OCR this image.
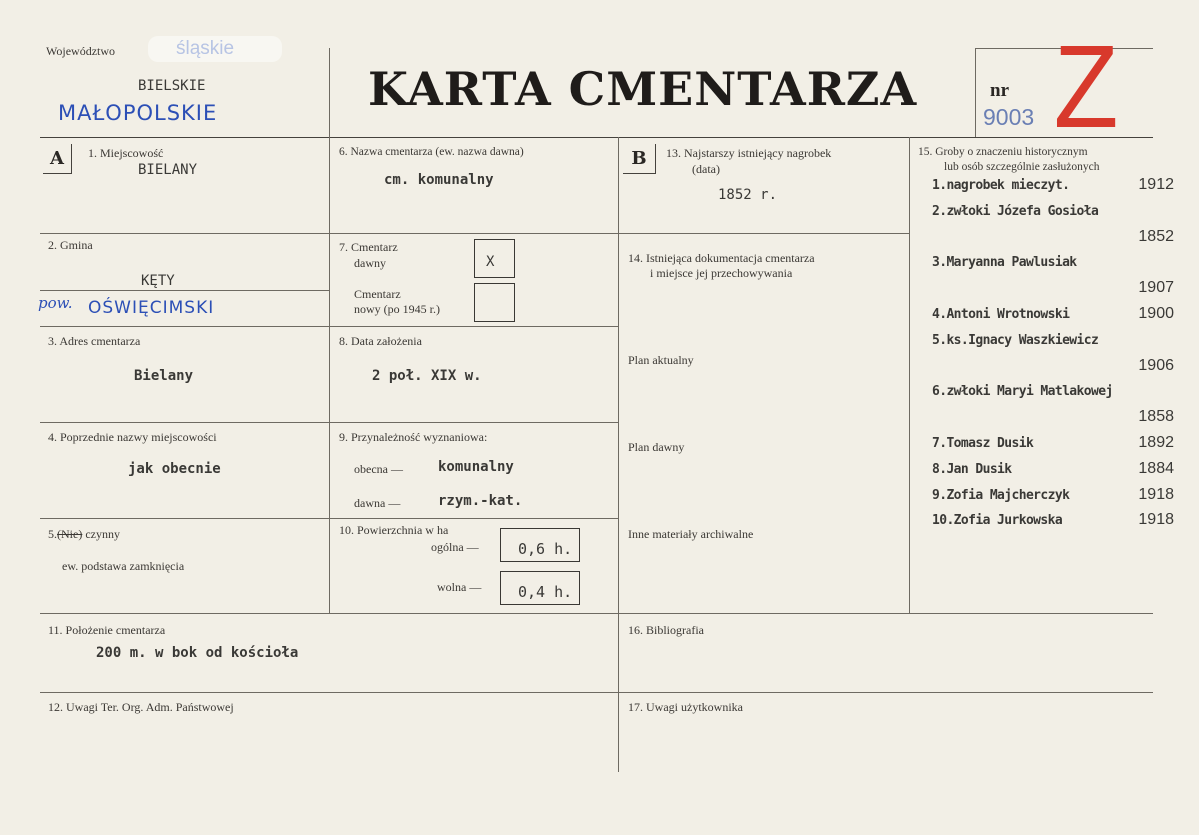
Województwo	śląskie
BIELSKIE
MAŁOPOLSKIE	KARTA CMENTARZA	nr
9003 Z
A	1. Miejscowość
BIELANY
2. Gmina
KĘTY
pow. OŚWIĘCIMSKI
3. Adres cmentarza
Bielany
4. Poprzednie nazwy miejscowości
jak obecnie
5.(Nie) czynny
ew. podstawa zamknięcia
6. Nazwa cmentarza (ew. nazwa dawna)
cm. komunalny
7. Cmentarz
dawny	X
Cmentarz
nowy (po 1945 r.)
8. Data założenia
2 poł. XIX w.
9. Przynależność wyznaniowa:
obecna —	komunalny
dawna —	rzym.-kat.
10. Powierzchnia w ha
ogólna —	0,6 h.
wolna — 0,4 h.
11. Położenie cmentarza
200 m. w bok od kościoła
12. Uwagi Ter. Org. Adm. Państwowej
B	13. Najstarszy istniejący nagrobek
(data)
1852 r.
14. Istniejąca dokumentacja cmentarza
i miejsce jej przechowywania
Plan aktualny
Plan dawny
Inne materiały archiwalne
15. Groby o znaczeniu historycznym
lub osób szczególnie zasłużonych
1.nagrobek mieczyt.	1912
2.zwłoki Józefa Gosioła
1852
3.Maryanna Pawlusiak
1907
4.Antoni Wrotnowski	1900
5.ks.Ignacy Waszkiewicz
1906
6.zwłoki Maryi Matlakowej
1858
7.Tomasz Dusik	1892
8.Jan Dusik	1884
9.Zofia Majcherczyk	1918
10.Zofia Jurkowska	1918
16. Bibliografia
17. Uwagi użytkownika
